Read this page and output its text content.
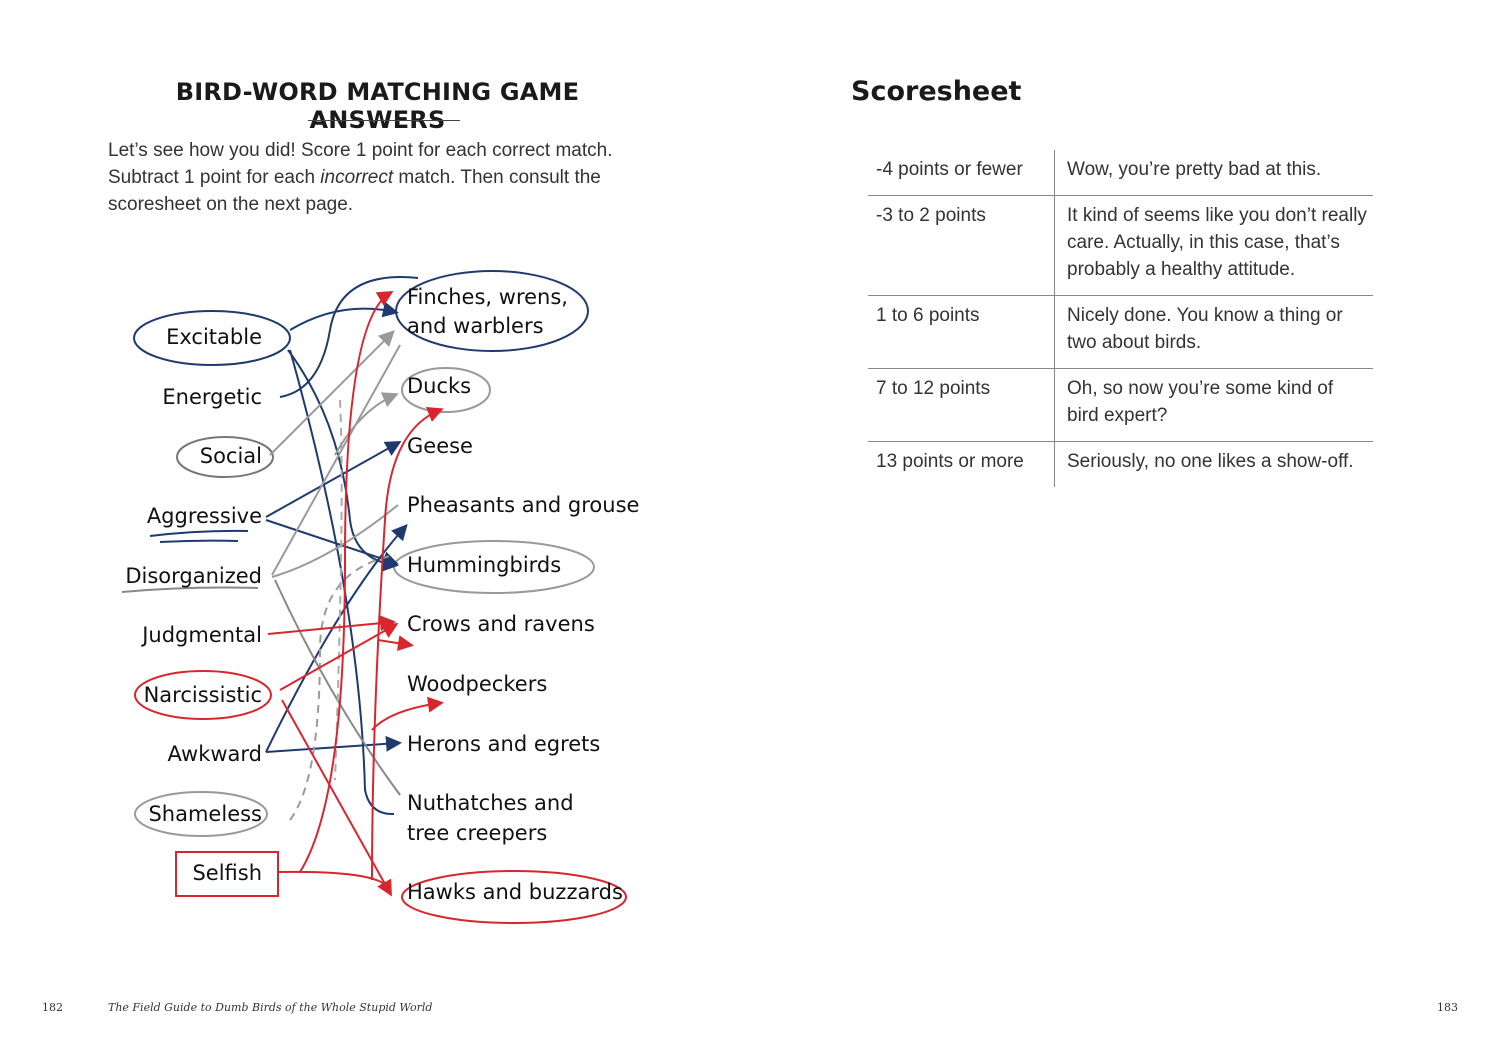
BIRD-WORD MATCHING GAME ANSWERS
Let’s see how you did! Score 1 point for each correct match. Subtract 1 point for each incorrect match. Then consult the scoresheet on the next page.
Excitable
Energetic
Social
Aggressive
Disorganized
Judgmental
Narcissistic
Awkward
Shameless
Selfish
Finches, wrens,
and warblers
Ducks
Geese
Pheasants and grouse
Hummingbirds
Crows and ravens
Woodpeckers
Herons and egrets
Nuthatches and
tree creepers
Hawks and buzzards
182	The Field Guide to Dumb Birds of the Whole Stupid World
Scoresheet
-4 points or fewer	Wow, you’re pretty bad at this.
-3 to 2 points	It kind of seems like you don’t really care. Actually, in this case, that’s probably a healthy attitude.
1 to 6 points	Nicely done. You know a thing or two about birds.
7 to 12 points	Oh, so now you’re some kind of bird expert?
13 points or more	Seriously, no one likes a show-off.
183
